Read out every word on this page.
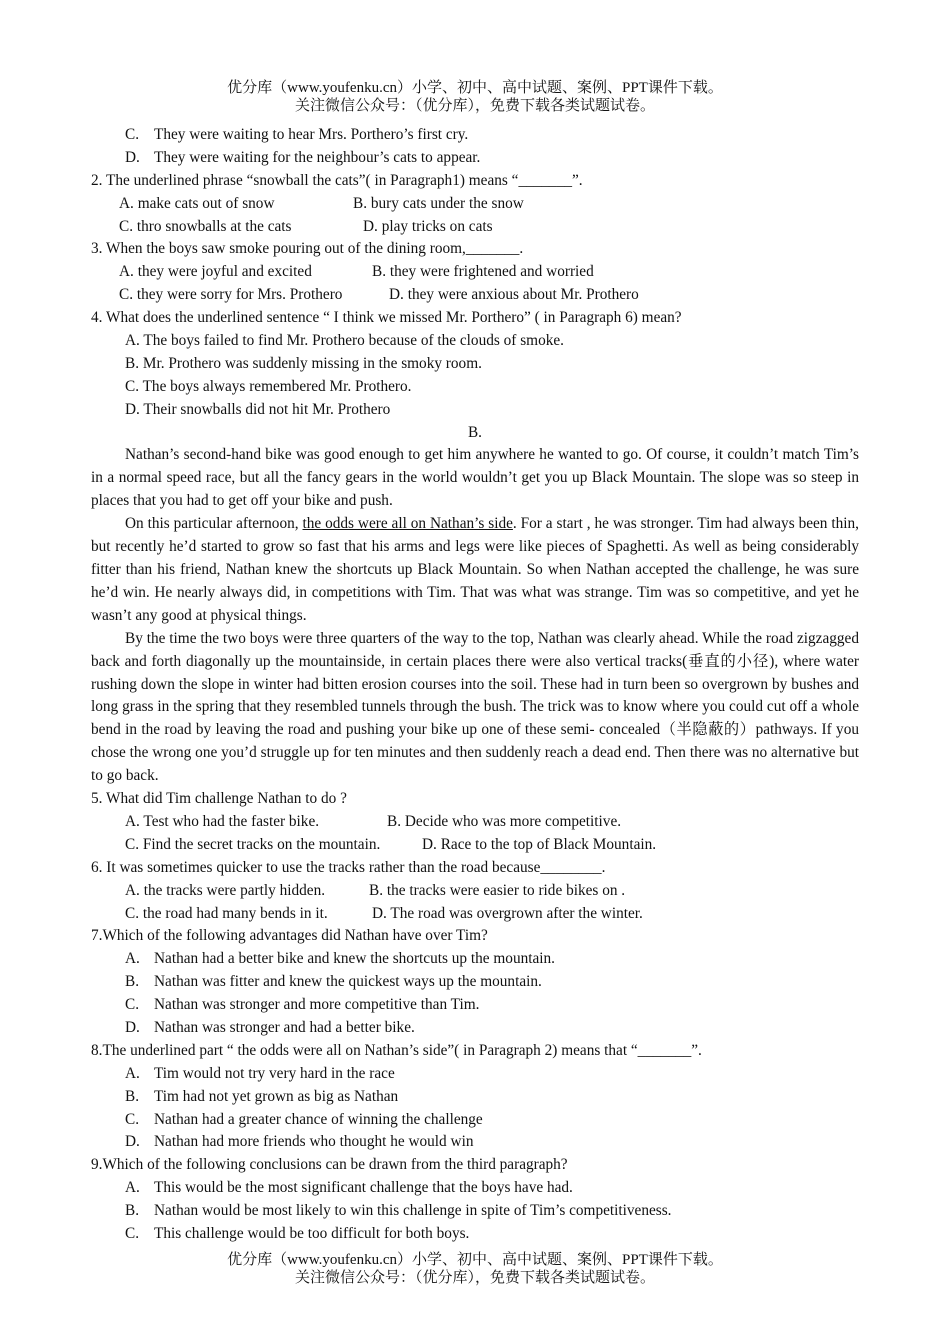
优分库（www.youfenku.cn）小学、初中、高中试题、案例、PPT课件下载。
关注微信公众号：（优分库），免费下载各类试题试卷。
C. They were waiting to hear Mrs. Porthero’s first cry.
D. They were waiting for the neighbour’s cats to appear.
2. The underlined phrase “snowball the cats”( in Paragraph1) means “_______”.
A. make cats out of snow	B. bury cats under the snow
C. thro snowballs at the cats	D. play tricks on cats
3. When the boys saw smoke pouring out of the dining room,_______.
A. they were joyful and excited	B. they were frightened and worried
C. they were sorry for Mrs. Prothero	D. they were anxious about Mr. Prothero
4. What does the underlined sentence “ I think we missed Mr. Porthero” ( in Paragraph 6) mean?
A. The boys failed to find Mr. Prothero because of the clouds of smoke.
B. Mr. Prothero was suddenly missing in the smoky room.
C. The boys always remembered Mr. Prothero.
D. Their snowballs did not hit Mr. Prothero
B.
Nathan’s second-hand bike was good enough to get him anywhere he wanted to go. Of course, it couldn’t match Tim’s in a normal speed race, but all the fancy gears in the world wouldn’t get you up Black Mountain. The slope was so steep in places that you had to get off your bike and push.
On this particular afternoon, the odds were all on Nathan’s side. For a start , he was stronger. Tim had always been thin, but recently he’d started to grow so fast that his arms and legs were like pieces of Spaghetti. As well as being considerably fitter than his friend, Nathan knew the shortcuts up Black Mountain. So when Nathan accepted the challenge, he was sure he’d win. He nearly always did, in competitions with Tim. That was what was strange. Tim was so competitive, and yet he wasn’t any good at physical things.
By the time the two boys were three quarters of the way to the top, Nathan was clearly ahead. While the road zigzagged back and forth diagonally up the mountainside, in certain places there were also vertical tracks(垂直的小径), where water rushing down the slope in winter had bitten erosion courses into the soil. These had in turn been so overgrown by bushes and long grass in the spring that they resembled tunnels through the bush. The trick was to know where you could cut off a whole bend in the road by leaving the road and pushing your bike up one of these semi- concealed（半隐蔽的）pathways. If you chose the wrong one you’d struggle up for ten minutes and then suddenly reach a dead end. Then there was no alternative but to go back.
5. What did Tim challenge Nathan to do ?
A. Test who had the faster bike.	B. Decide who was more competitive.
C. Find the secret tracks on the mountain.	D. Race to the top of Black Mountain.
6. It was sometimes quicker to use the tracks rather than the road because________.
A. the tracks were partly hidden.	B. the tracks were easier to ride bikes on .
C. the road had many bends in it.	D. The road was overgrown after the winter.
7.Which of the following advantages did Nathan have over Tim?
A. Nathan had a better bike and knew the shortcuts up the mountain.
B. Nathan was fitter and knew the quickest ways up the mountain.
C. Nathan was stronger and more competitive than Tim.
D. Nathan was stronger and had a better bike.
8.The underlined part “ the odds were all on Nathan’s side”( in Paragraph 2) means that “_______”.
A. Tim would not try very hard in the race
B. Tim had not yet grown as big as Nathan
C. Nathan had a greater chance of winning the challenge
D. Nathan had more friends who thought he would win
9.Which of the following conclusions can be drawn from the third paragraph?
A. This would be the most significant challenge that the boys have had.
B. Nathan would be most likely to win this challenge in spite of Tim’s competitiveness.
C. This challenge would be too difficult for both boys.
优分库（www.youfenku.cn）小学、初中、高中试题、案例、PPT课件下载。
关注微信公众号：（优分库），免费下载各类试题试卷。
